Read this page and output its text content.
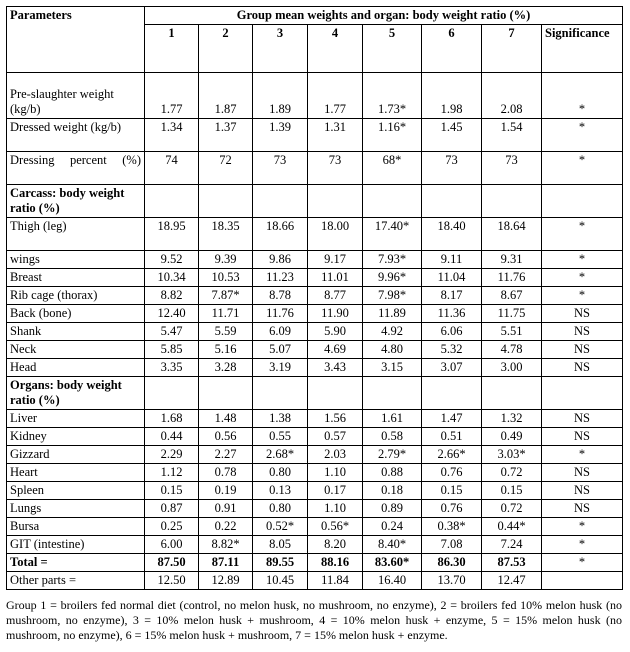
Parameters	Group mean weights and organ: body weight ratio (%)							
	1	2	3	4	5	6	7	Significance
Pre-slaughter weight (kg/b)	1.77	1.87	1.89	1.77	1.73*	1.98	2.08	*
Dressed weight (kg/b)	1.34	1.37	1.39	1.31	1.16*	1.45	1.54	*
Dressing percent (%)	74	72	73	73	68*	73	73	*
Carcass: body weight ratio (%)								
Thigh (leg)	18.95	18.35	18.66	18.00	17.40*	18.40	18.64	*
wings	9.52	9.39	9.86	9.17	7.93*	9.11	9.31	*
Breast	10.34	10.53	11.23	11.01	9.96*	11.04	11.76	*
Rib cage (thorax)	8.82	7.87*	8.78	8.77	7.98*	8.17	8.67	*
Back (bone)	12.40	11.71	11.76	11.90	11.89	11.36	11.75	NS
Shank	5.47	5.59	6.09	5.90	4.92	6.06	5.51	NS
Neck	5.85	5.16	5.07	4.69	4.80	5.32	4.78	NS
Head	3.35	3.28	3.19	3.43	3.15	3.07	3.00	NS
Organs: body weight ratio (%)								
Liver	1.68	1.48	1.38	1.56	1.61	1.47	1.32	NS
Kidney	0.44	0.56	0.55	0.57	0.58	0.51	0.49	NS
Gizzard	2.29	2.27	2.68*	2.03	2.79*	2.66*	3.03*	*
Heart	1.12	0.78	0.80	1.10	0.88	0.76	0.72	NS
Spleen	0.15	0.19	0.13	0.17	0.18	0.15	0.15	NS
Lungs	0.87	0.91	0.80	1.10	0.89	0.76	0.72	NS
Bursa	0.25	0.22	0.52*	0.56*	0.24	0.38*	0.44*	*
GIT (intestine)	6.00	8.82*	8.05	8.20	8.40*	7.08	7.24	*
Total =	87.50	87.11	89.55	88.16	83.60*	86.30	87.53	*
Other parts =	12.50	12.89	10.45	11.84	16.40	13.70	12.47	
Group 1 = broilers fed normal diet (control, no melon husk, no mushroom, no enzyme), 2 = broilers fed 10% melon husk (no mushroom, no enzyme), 3 = 10% melon husk + mushroom, 4 = 10% melon husk + enzyme, 5 = 15% melon husk (no mushroom, no enzyme), 6 = 15% melon husk + mushroom, 7 = 15% melon husk + enzyme.
